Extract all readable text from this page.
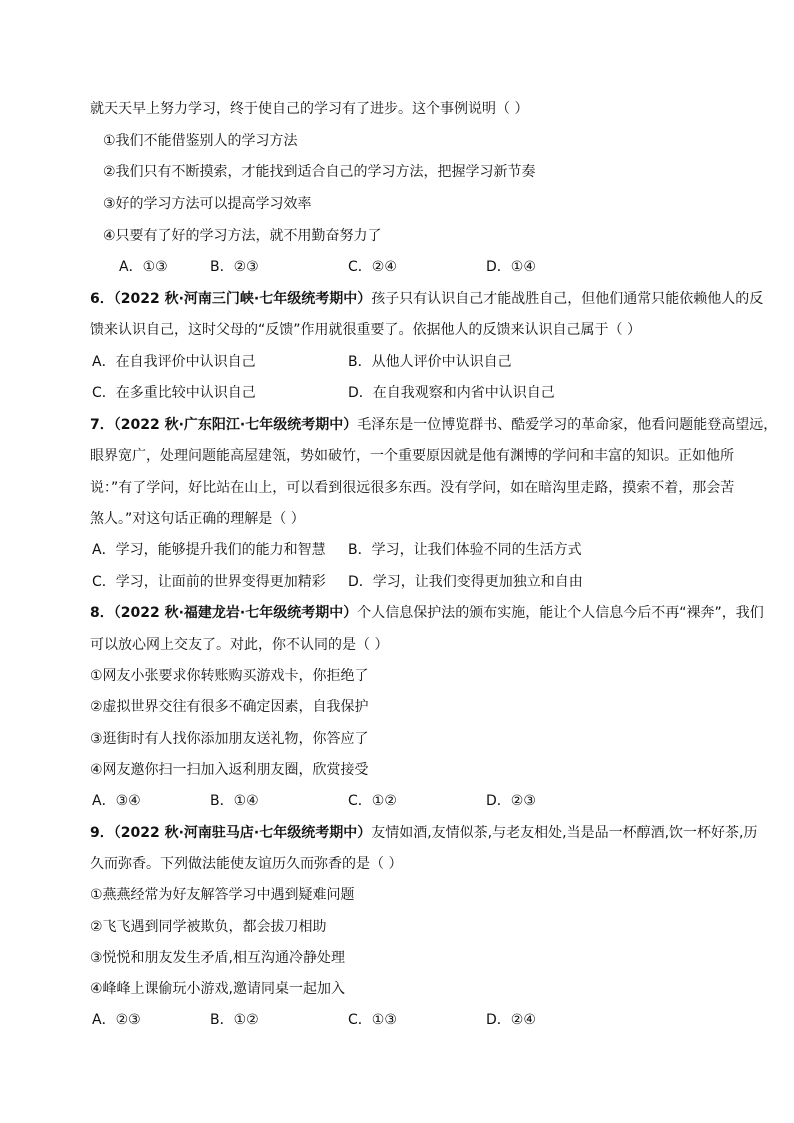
就天天早上努力学习，终于使自己的学习有了进步。这个事例说明（ ）
①我们不能借鉴别人的学习方法
②我们只有不断摸索，才能找到适合自己的学习方法，把握学习新节奏
③好的学习方法可以提高学习效率
④只要有了好的学习方法，就不用勤奋努力了
A．①③	B．②③	C．②④	D．①④
6．（2022 秋·河南三门峡·七年级统考期中）孩子只有认识自己才能战胜自己，但他们通常只能依赖他人的反
馈来认识自己，这时父母的“反馈”作用就很重要了。依据他人的反馈来认识自己属于（ ）
A．在自我评价中认识自己	B．从他人评价中认识自己
C．在多重比较中认识自己	D．在自我观察和内省中认识自己
7．（2022 秋·广东阳江·七年级统考期中）毛泽东是一位博览群书、酷爱学习的革命家，他看问题能登高望远，
眼界宽广，处理问题能高屋建瓴，势如破竹，一个重要原因就是他有渊博的学问和丰富的知识。正如他所
说：”有了学问，好比站在山上，可以看到很远很多东西。没有学问，如在暗沟里走路，摸索不着，那会苦
煞人。”对这句话正确的理解是（ ）
A．学习，能够提升我们的能力和智慧 B．学习，让我们体验不同的生活方式
C．学习，让面前的世界变得更加精彩 D．学习，让我们变得更加独立和自由
8．（2022 秋·福建龙岩·七年级统考期中）个人信息保护法的颁布实施，能让个人信息今后不再“裸奔”，我们
可以放心网上交友了。对此，你不认同的是（ ）
①网友小张要求你转账购买游戏卡，你拒绝了
②虚拟世界交往有很多不确定因素，自我保护
③逛街时有人找你添加朋友送礼物，你答应了
④网友邀你扫一扫加入返利朋友圈，欣赏接受
A．③④	B．①④	C．①②	D．②③
9．（2022 秋·河南驻马店·七年级统考期中）友情如酒,友情似茶,与老友相处,当是品一杯醇酒,饮一杯好茶,历
久而弥香。下列做法能使友谊历久而弥香的是（ ）
①燕燕经常为好友解答学习中遇到疑难问题
②飞飞遇到同学被欺负，都会拔刀相助
③悦悦和朋友发生矛盾,相互沟通冷静处理
④峰峰上课偷玩小游戏,邀请同桌一起加入
A．②③	B．①②	C．①③	D．②④
